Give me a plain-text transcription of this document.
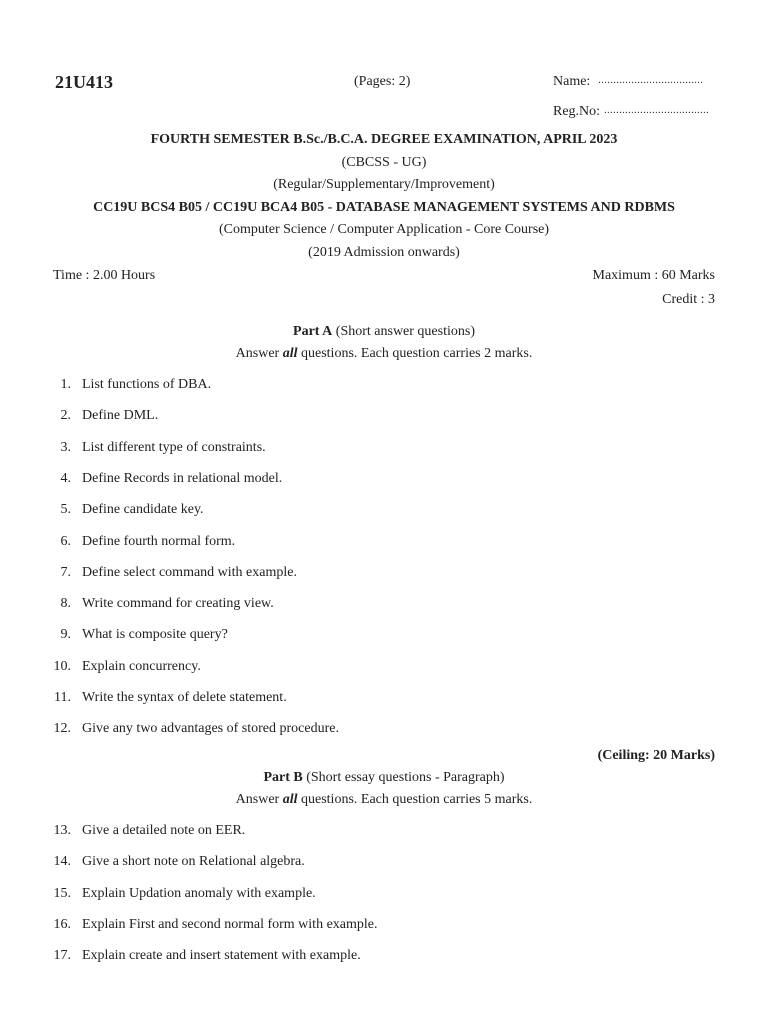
21U413	(Pages: 2)	Name: ...................................
Reg.No: ...................................
FOURTH SEMESTER B.Sc./B.C.A. DEGREE EXAMINATION, APRIL 2023
(CBCSS - UG)
(Regular/Supplementary/Improvement)
CC19U BCS4 B05 / CC19U BCA4 B05 - DATABASE MANAGEMENT SYSTEMS AND RDBMS
(Computer Science / Computer Application - Core Course)
(2019 Admission onwards)
Time : 2.00 Hours	Maximum : 60 Marks
Credit : 3
Part A (Short answer questions)
Answer all questions. Each question carries 2 marks.
1. List functions of DBA.
2. Define DML.
3. List different type of constraints.
4. Define Records in relational model.
5. Define candidate key.
6. Define fourth normal form.
7. Define select command with example.
8. Write command for creating view.
9. What is composite query?
10. Explain concurrency.
11. Write the syntax of delete statement.
12. Give any two advantages of stored procedure.
(Ceiling: 20 Marks)
Part B (Short essay questions - Paragraph)
Answer all questions. Each question carries 5 marks.
13. Give a detailed note on EER.
14. Give a short note on Relational algebra.
15. Explain Updation anomaly with example.
16. Explain First and second normal form with example.
17. Explain create and insert statement with example.
